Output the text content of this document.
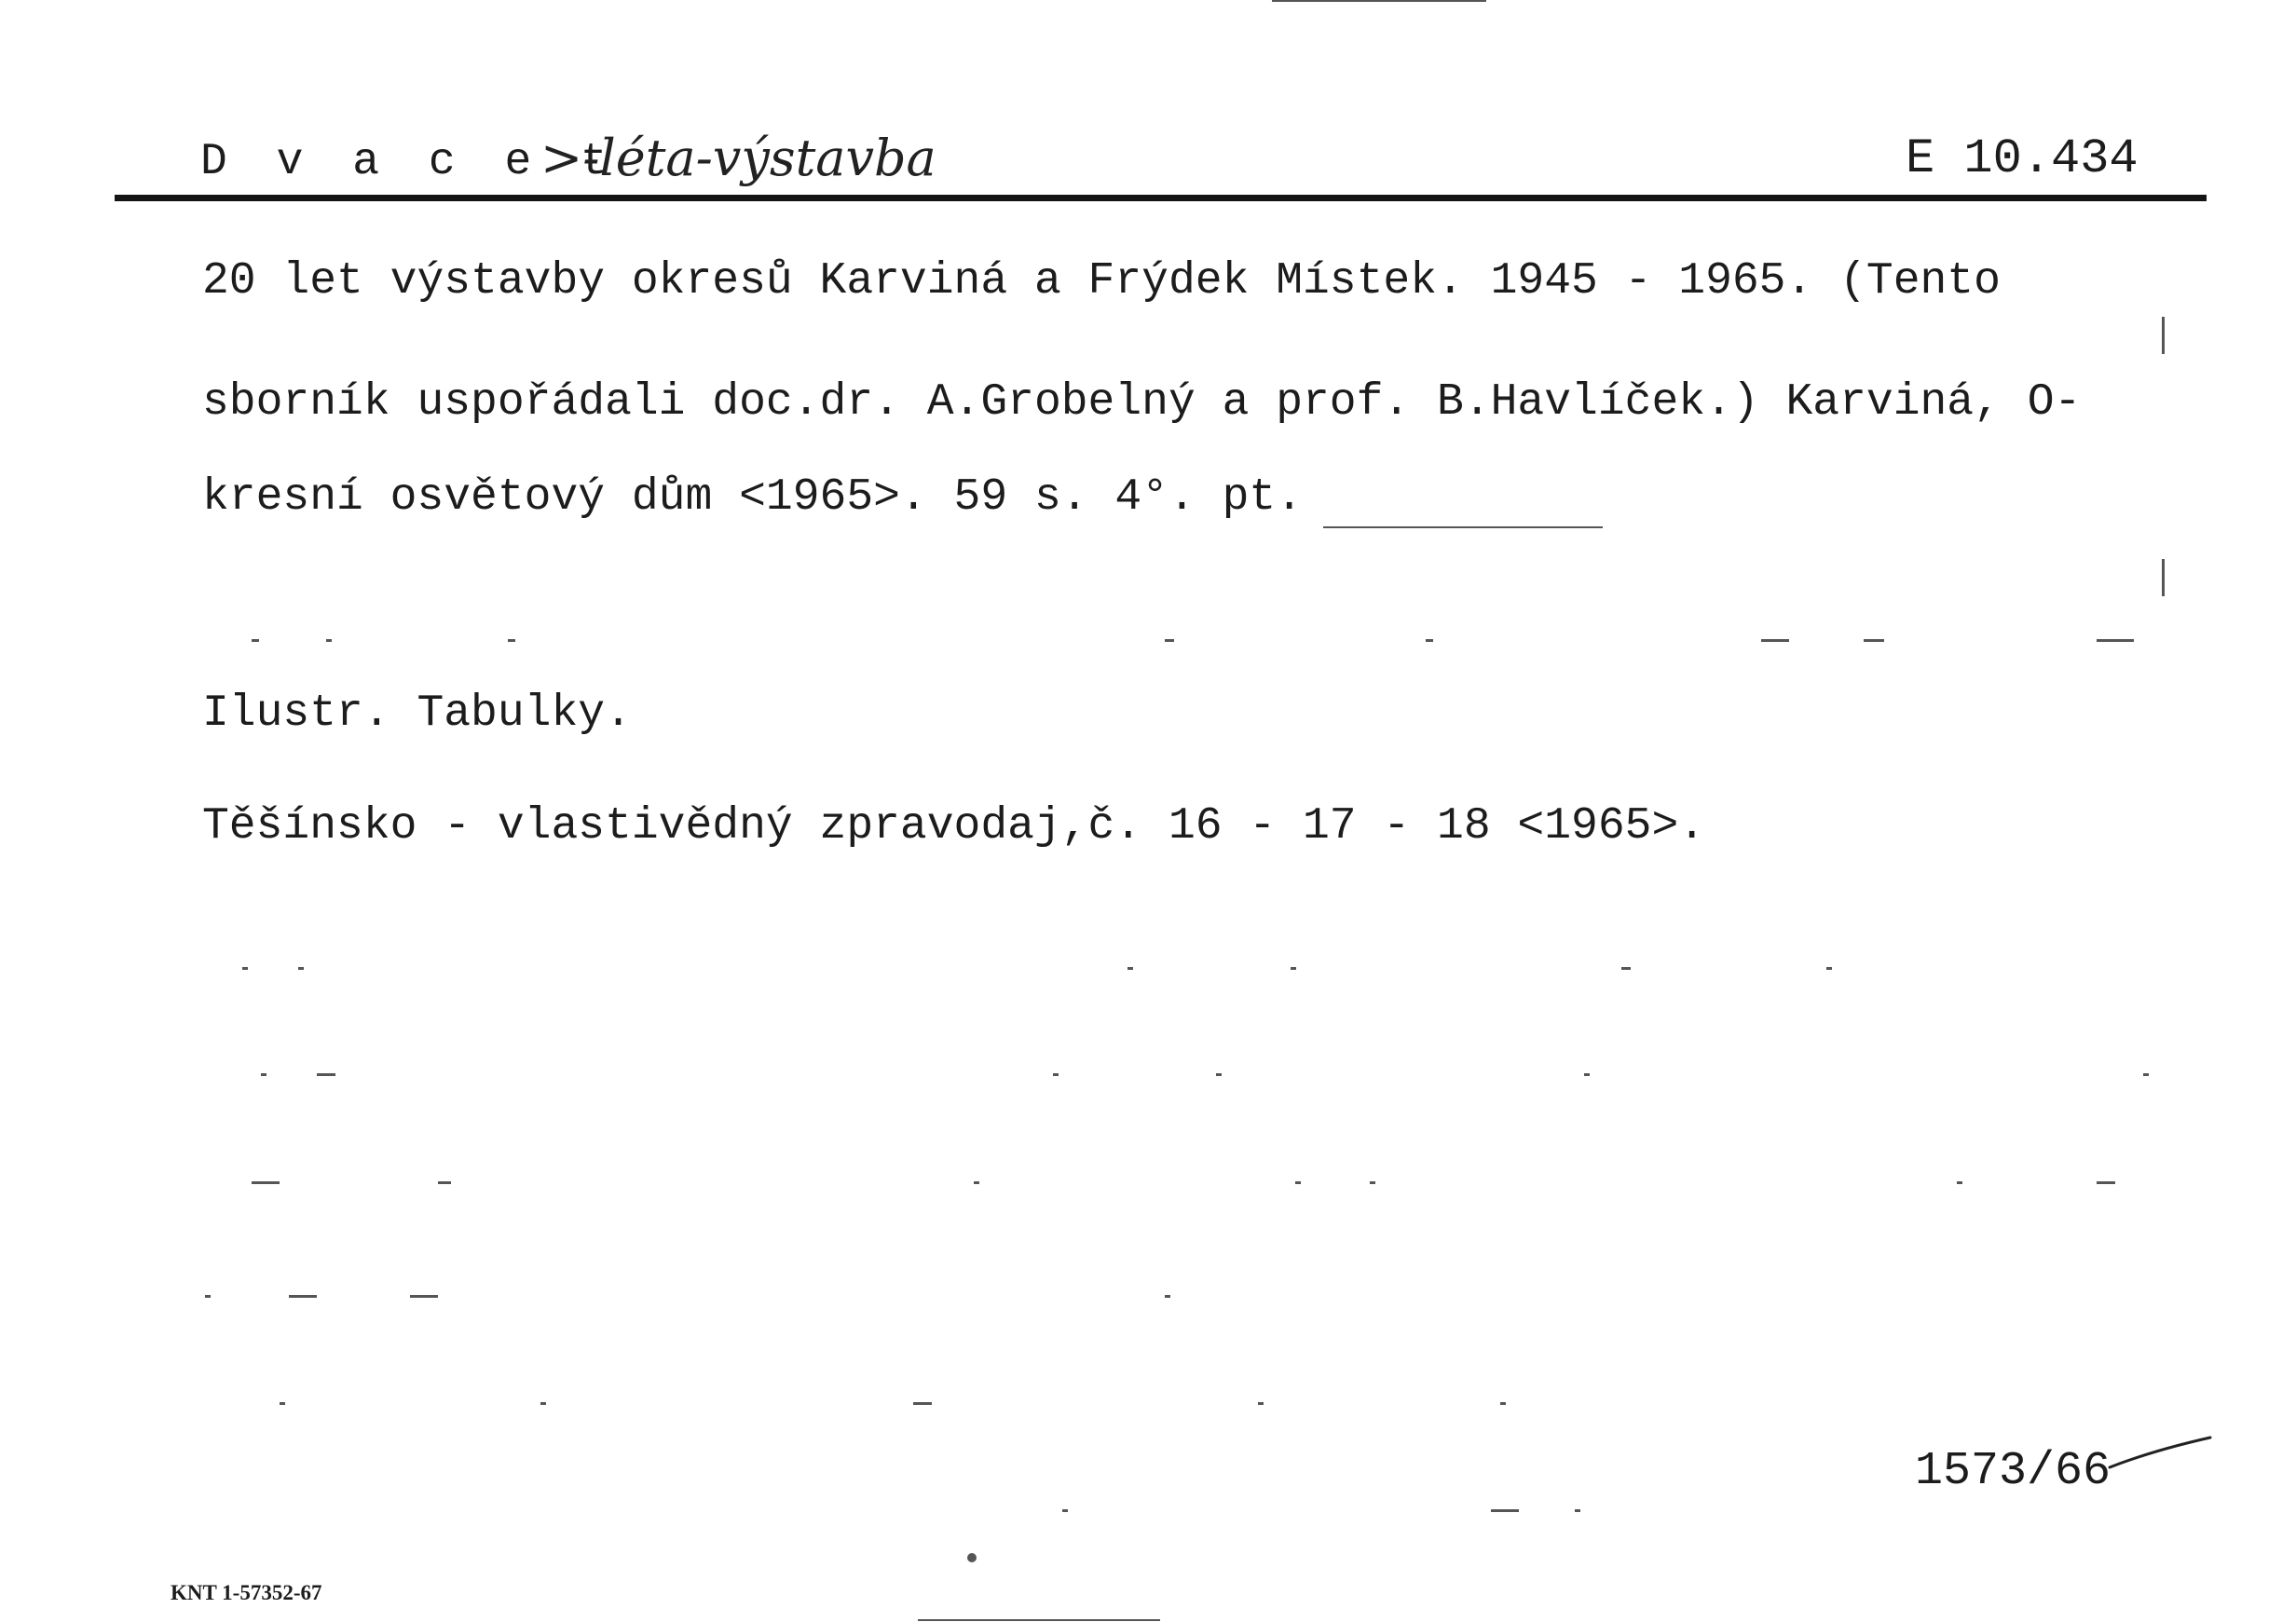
D v a c e t
>-léta-výstavba	E 10.434
20 let výstavby okresů Karviná a Frýdek Místek. 1945 - 1965. (Tento
sborník uspořádali doc.dr. A.Grobelný a prof. B.Havlíček.) Karviná, O-
kresní osvětový dům <1965>. 59 s. 4°. pt.
Ilustr. Tabulky.
Těšínsko - vlastivědný zpravodaj,č. 16 - 17 - 18 <1965>.
1573/66
KNT 1-57352-67
